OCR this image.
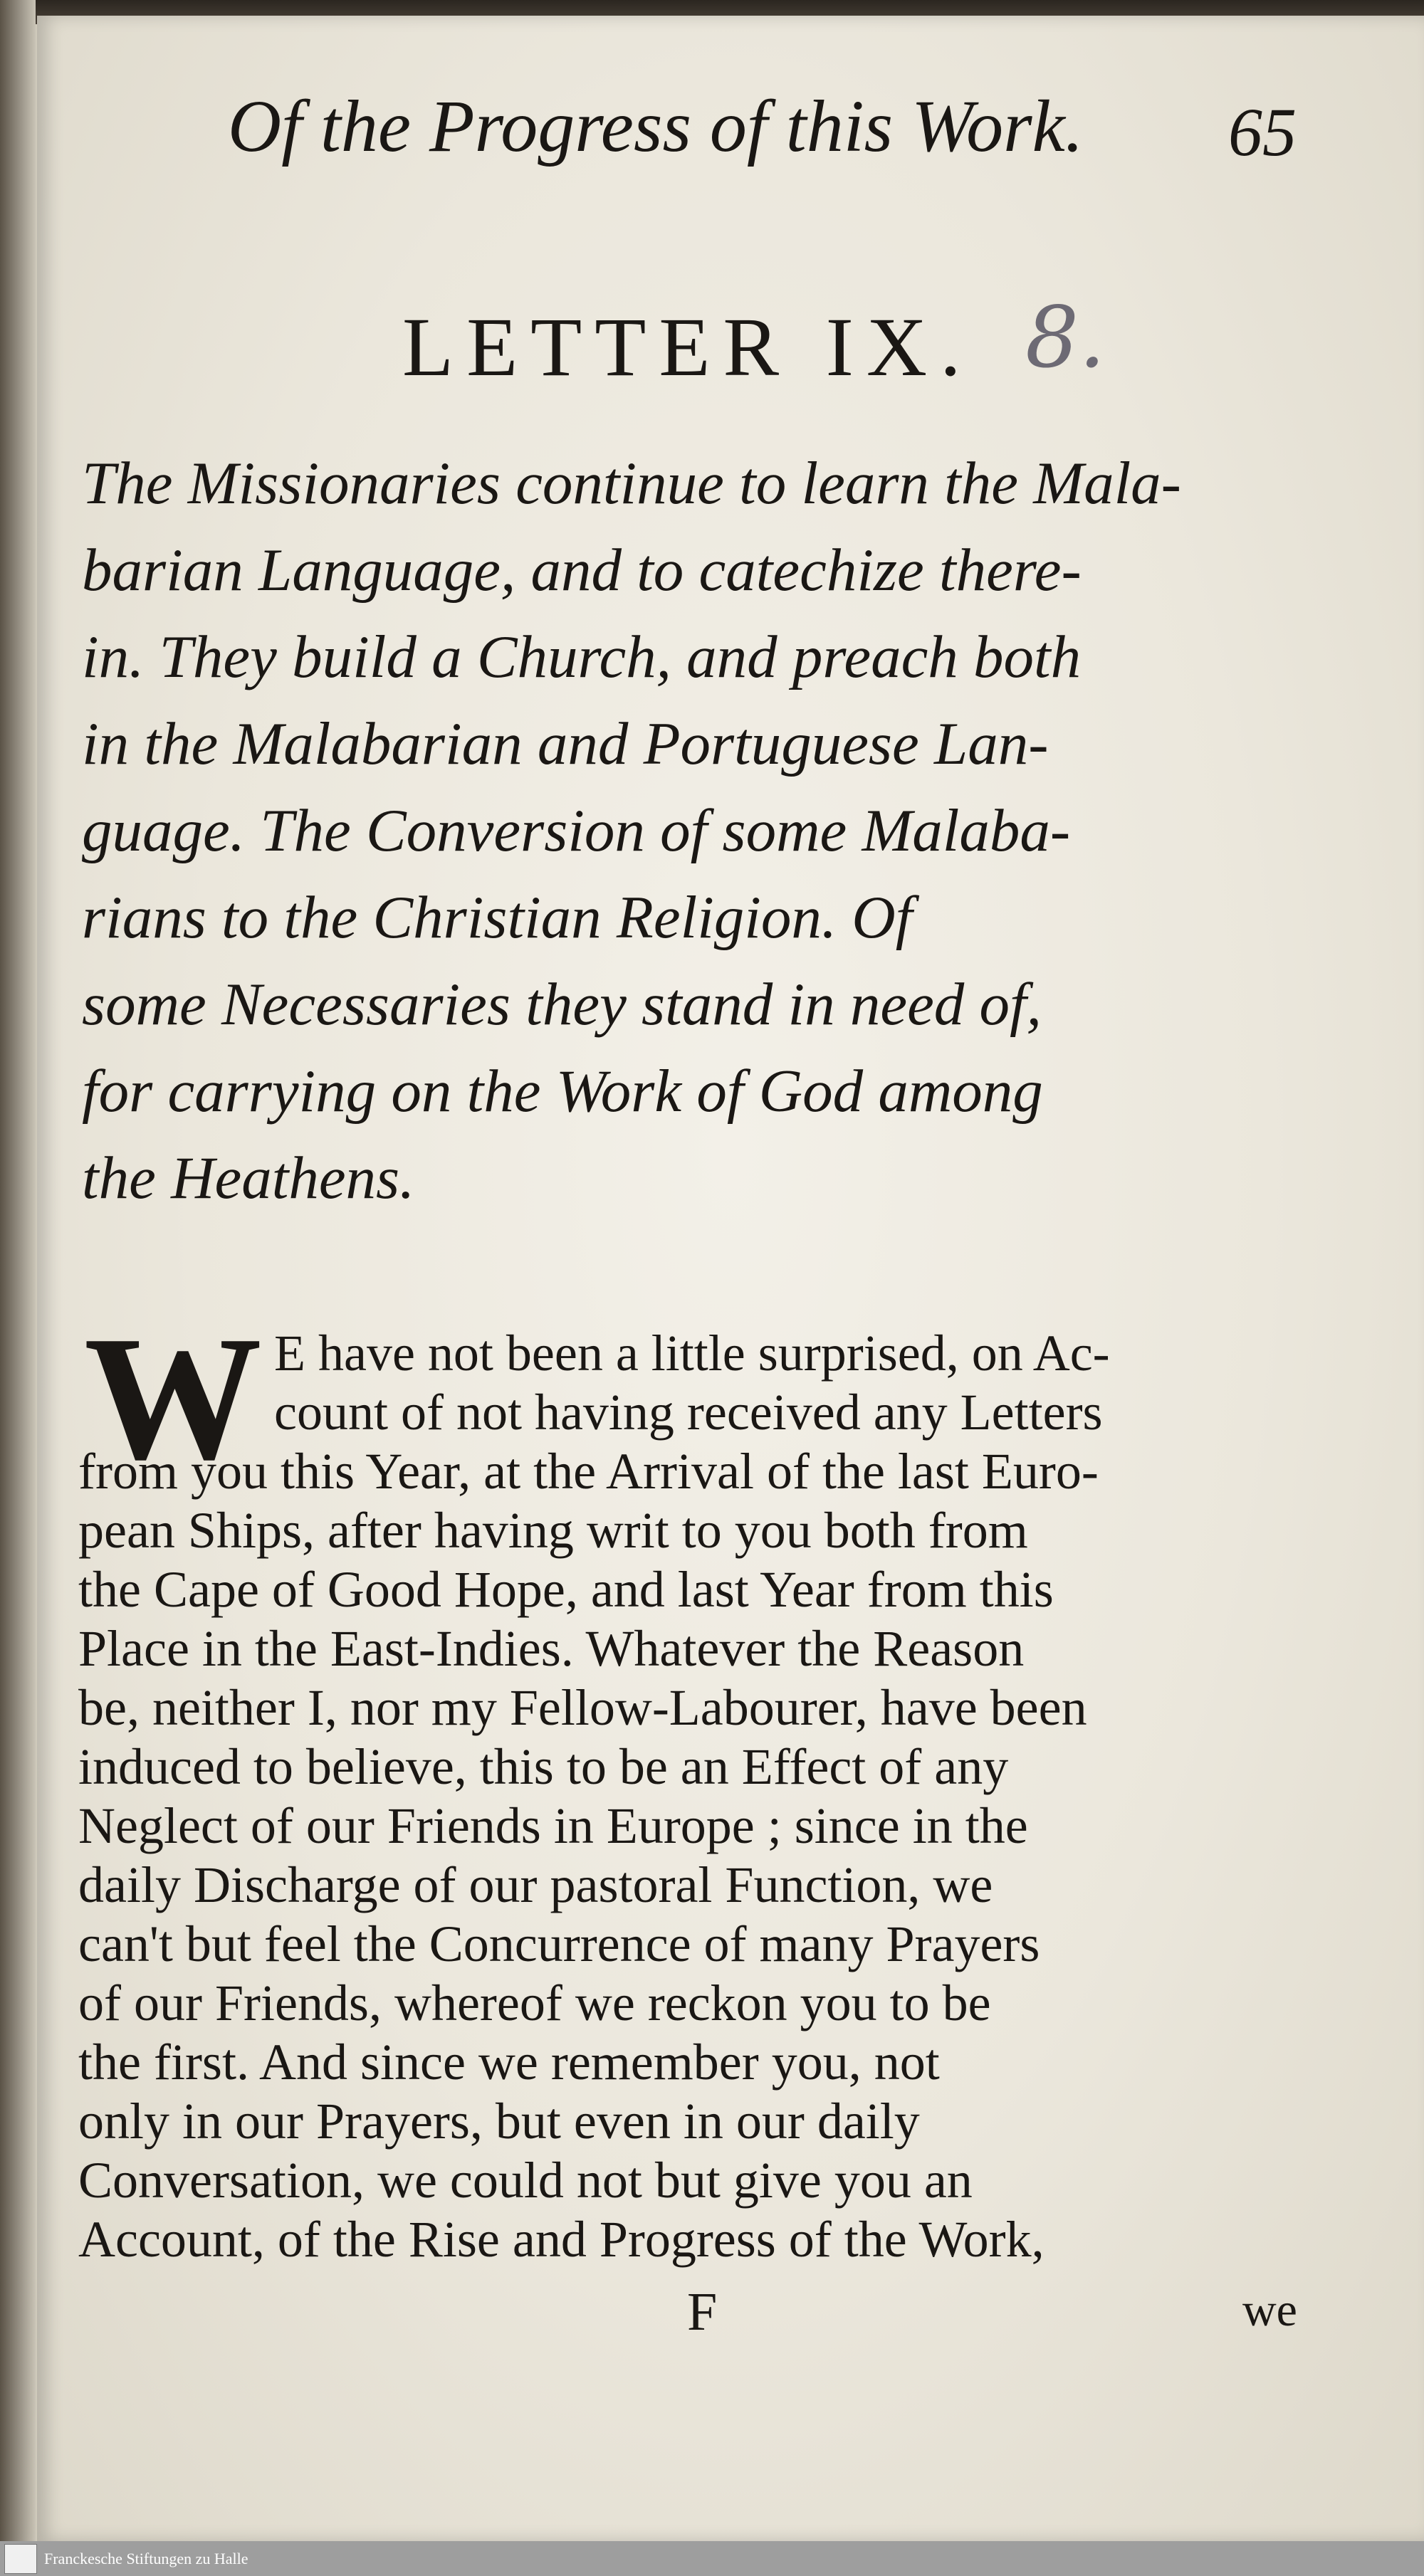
Of the Progress of this Work. 65
LETTER IX. 8.
The Missionaries continue to learn the Mala-
barian Language, and to catechize there-
in. They build a Church, and preach both
in the Malabarian and Portuguese Lan-
guage. The Conversion of some Malaba-
rians to the Christian Religion. Of
some Necessaries they stand in need of,
for carrying on the Work of God among
the Heathens.
W E have not been a little surprised, on Ac-
count of not having received any Letters
from you this Year, at the Arrival of the last Euro-
pean Ships, after having writ to you both from
the Cape of Good Hope, and last Year from this
Place in the East-Indies. Whatever the Reason
be, neither I, nor my Fellow-Labourer, have been
induced to believe, this to be an Effect of any
Neglect of our Friends in Europe ; since in the
daily Discharge of our pastoral Function, we
can't but feel the Concurrence of many Prayers
of our Friends, whereof we reckon you to be
the first. And since we remember you, not
only in our Prayers, but even in our daily
Conversation, we could not but give you an
Account, of the Rise and Progress of the Work,
F	we
Franckesche Stiftungen zu Halle
